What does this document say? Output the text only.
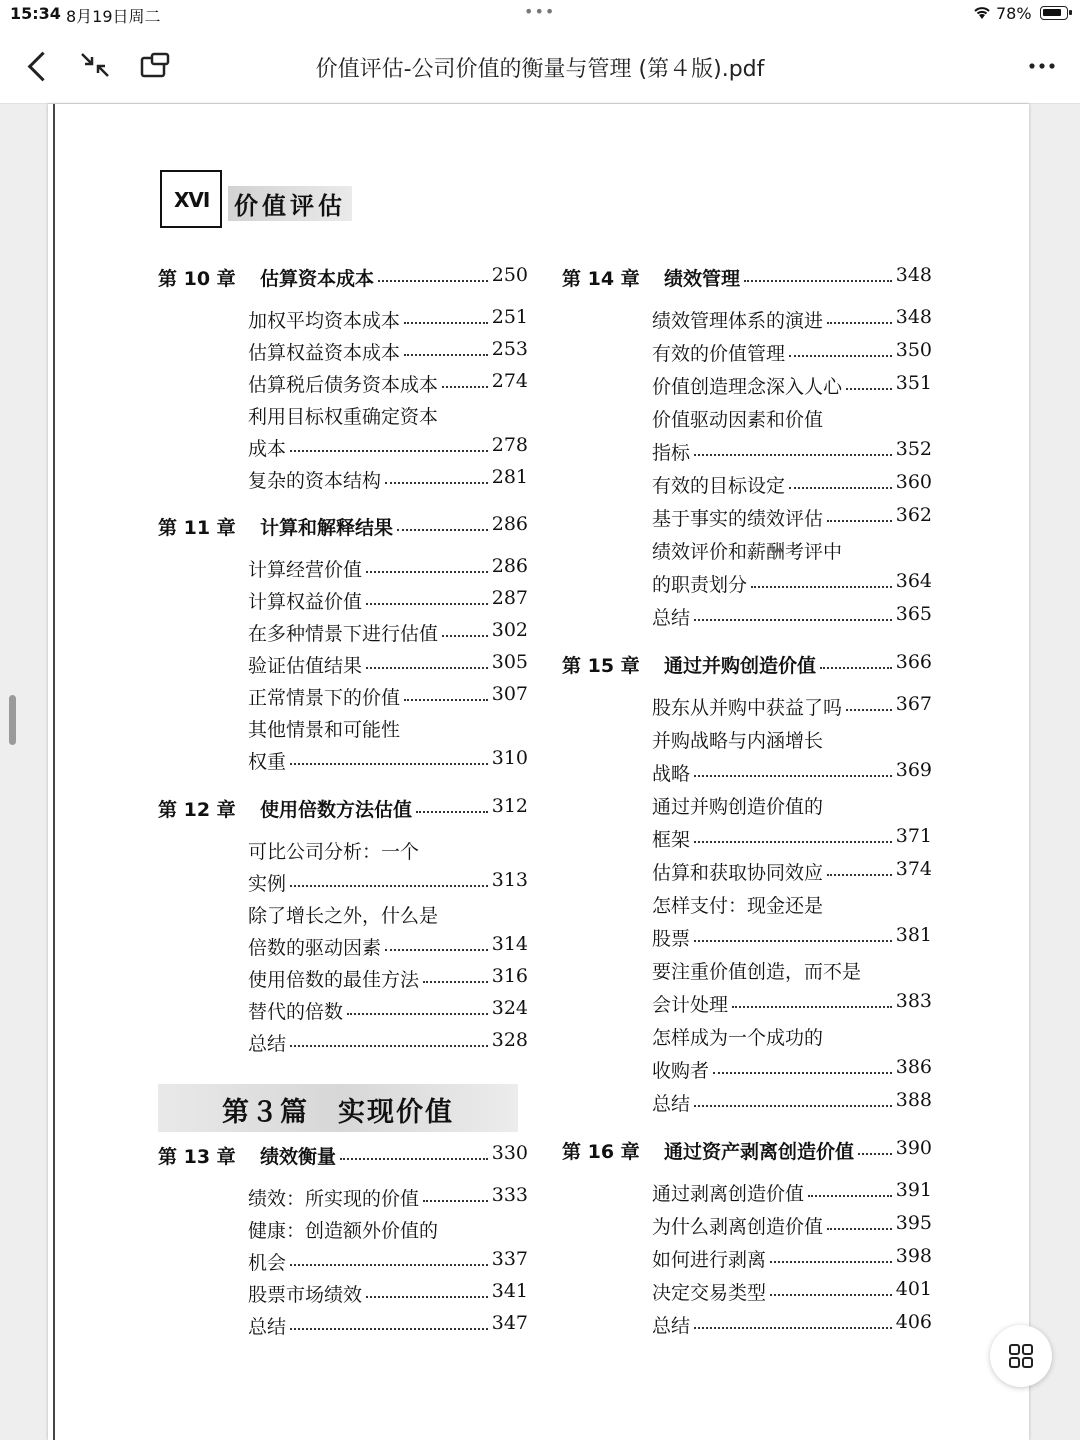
15:34 8月19日周二	•••	78%
价值评估-公司价值的衡量与管理 (第４版).pdf
XVI 价值评估
第 10 章 估算资本成本	250
加权平均资本成本	251
估算权益资本成本	253
估算税后债务资本成本	274
利用目标权重确定资本
成本	278
复杂的资本结构	281
第 11 章 计算和解释结果	286
计算经营价值	286
计算权益价值	287
在多种情景下进行估值	302
验证估值结果	305
正常情景下的价值	307
其他情景和可能性
权重	310
第 12 章 使用倍数方法估值	312
可比公司分析：一个
实例	313
除了增长之外，什么是
倍数的驱动因素	314
使用倍数的最佳方法	316
替代的倍数	324
总结	328
第 13 章 绩效衡量	330
绩效：所实现的价值	333
健康：创造额外价值的
机会	337
股票市场绩效	341
总结	347
第 14 章 绩效管理	348
绩效管理体系的演进	348
有效的价值管理	350
价值创造理念深入人心	351
价值驱动因素和价值
指标	352
有效的目标设定	360
基于事实的绩效评估	362
绩效评价和薪酬考评中
的职责划分	364
总结	365
第 15 章 通过并购创造价值	366
股东从并购中获益了吗	367
并购战略与内涵增长
战略	369
通过并购创造价值的
框架	371
估算和获取协同效应	374
怎样支付：现金还是
股票	381
要注重价值创造，而不是
会计处理	383
怎样成为一个成功的
收购者	386
总结	388
第 16 章 通过资产剥离创造价值 390
通过剥离创造价值	391
为什么剥离创造价值	395
如何进行剥离	398
决定交易类型	401
总结	406
第３篇　实现价值
